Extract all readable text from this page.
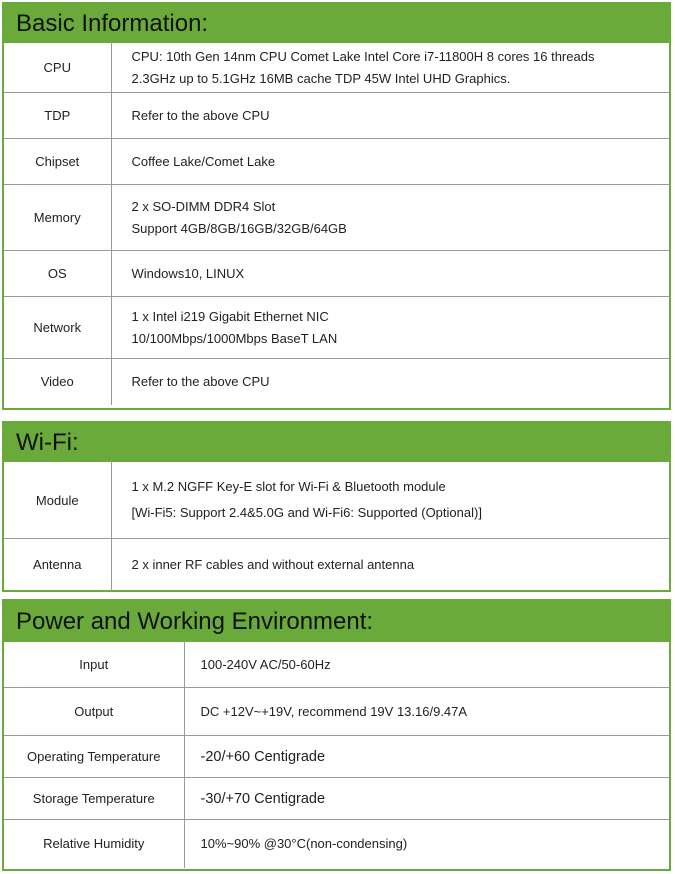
Basic Information:
CPU	CPU: 10th Gen 14nm CPU Comet Lake Intel Core i7-11800H 8 cores 16 threads
2.3GHz up to 5.1GHz 16MB cache TDP 45W Intel UHD Graphics.

TDP	Refer to the above CPU

Chipset	Coffee Lake/Comet Lake

Memory	2 x SO-DIMM DDR4 Slot
Support 4GB/8GB/16GB/32GB/64GB

OS	Windows10, LINUX

Network	1 x Intel i219 Gigabit Ethernet NIC
10/100Mbps/1000Mbps BaseT LAN

Video	Refer to the above CPU
Wi-Fi:
Module	1 x M.2 NGFF Key-E slot for Wi-Fi & Bluetooth module
[Wi-Fi5: Support 2.4&5.0G and Wi-Fi6: Supported (Optional)]

Antenna	2 x inner RF cables and without external antenna
Power and Working Environment:
Input	100-240V AC/50-60Hz

Output	DC +12V~+19V, recommend 19V 13.16/9.47A

Operating Temperature	-20/+60 Centigrade

Storage Temperature	-30/+70 Centigrade

Relative Humidity	10%~90% @30°C(non-condensing)
